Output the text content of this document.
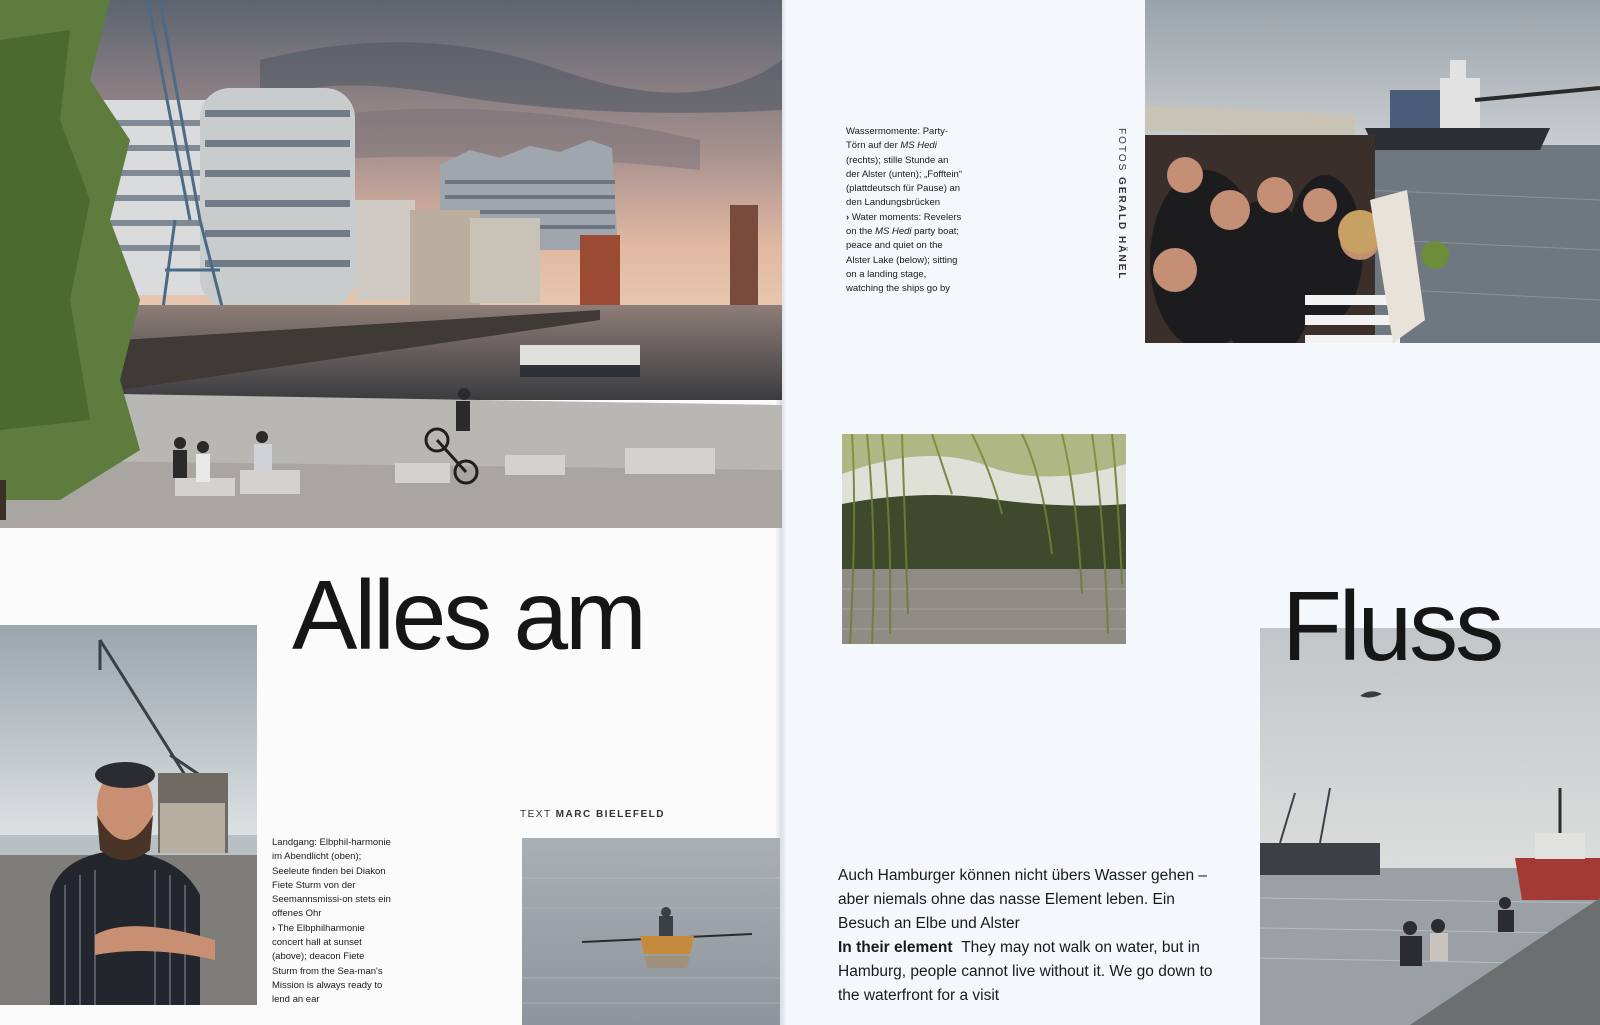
Alles am
TEXT MARC BIELEFELD
Landgang: Elbphil-harmonie im Abendlicht (oben); Seeleute finden bei Diakon Fiete Sturm von der Seemannsmissi-on stets ein offenes Ohr
› The Elbphilharmonie concert hall at sunset (above); deacon Fiete Sturm from the Sea-man's Mission is always ready to lend an ear
FOTOS GERALD HÄNEL
Wassermomente: Party-Törn auf der MS Hedi (rechts); stille Stunde an der Alster (unten); „Fofftein“ (plattdeutsch für Pause) an den Landungsbrücken
› Water moments: Revelers on the MS Hedi party boat; peace and quiet on the Alster Lake (below); sitting on a landing stage, watching the ships go by
Fluss
Auch Hamburger können nicht übers Wasser gehen – aber niemals ohne das nasse Element leben. Ein Besuch an Elbe und Alster
In their element They may not walk on water, but in Hamburg, people cannot live without it. We go down to the waterfront for a visit
